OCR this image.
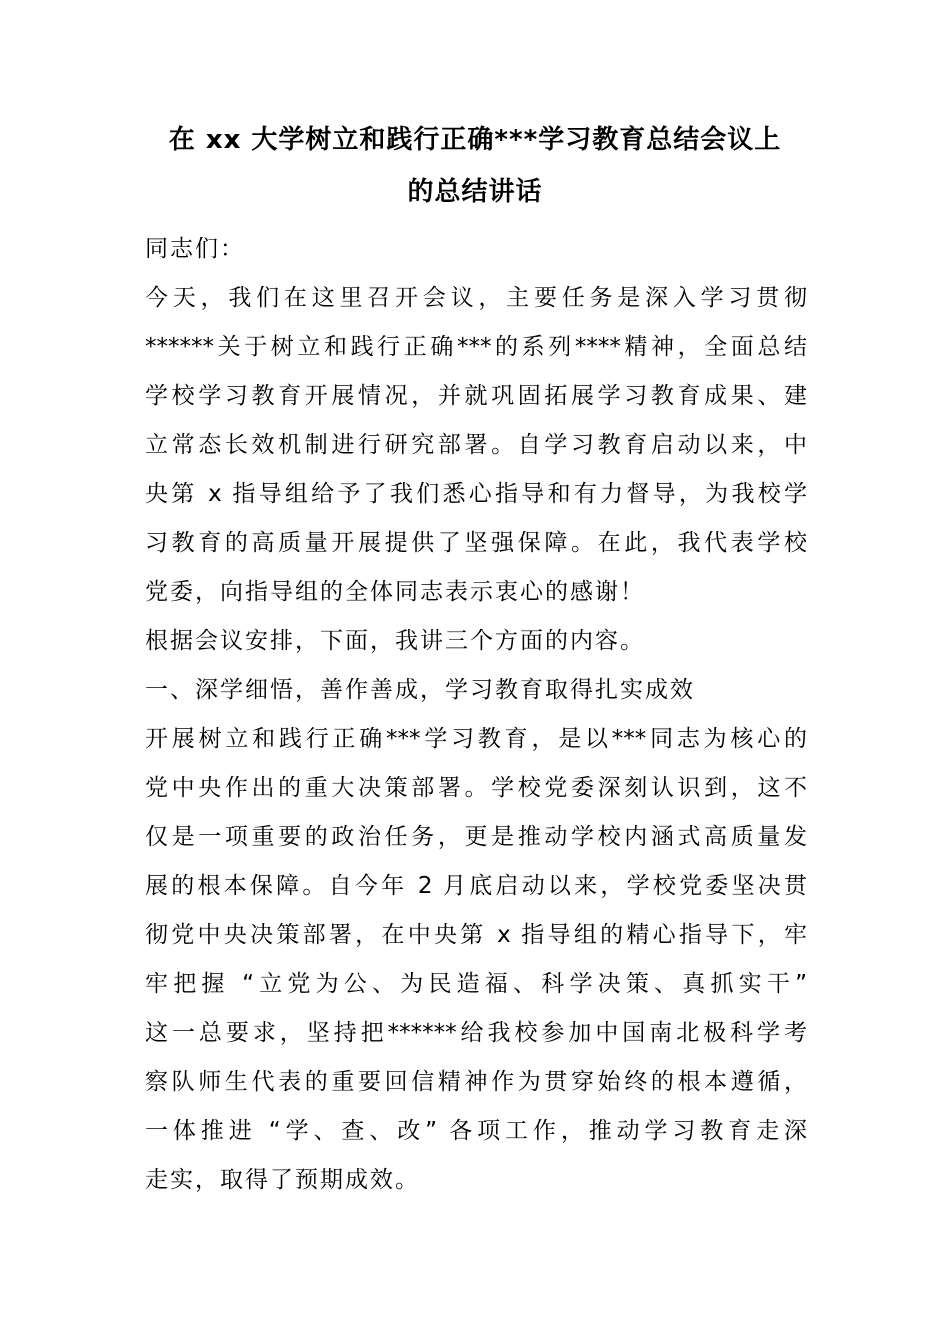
在 xx 大学树立和践行正确***学习教育总结会议上
的总结讲话
同志们：
今天，我们在这里召开会议，主要任务是深入学习贯彻
******关于树立和践行正确***的系列****精神，全面总结
学校学习教育开展情况，并就巩固拓展学习教育成果、建
立常态长效机制进行研究部署。自学习教育启动以来，中
央第 x 指导组给予了我们悉心指导和有力督导，为我校学
习教育的高质量开展提供了坚强保障。在此，我代表学校
党委，向指导组的全体同志表示衷心的感谢！
根据会议安排，下面，我讲三个方面的内容。
一、深学细悟，善作善成，学习教育取得扎实成效
开展树立和践行正确***学习教育，是以***同志为核心的
党中央作出的重大决策部署。学校党委深刻认识到，这不
仅是一项重要的政治任务，更是推动学校内涵式高质量发
展的根本保障。自今年 2 月底启动以来，学校党委坚决贯
彻党中央决策部署，在中央第 x 指导组的精心指导下，牢
牢把握 “立党为公、为民造福、科学决策、真抓实干”
这一总要求，坚持把******给我校参加中国南北极科学考
察队师生代表的重要回信精神作为贯穿始终的根本遵循，
一体推进 “学、查、改” 各项工作，推动学习教育走深
走实，取得了预期成效。
